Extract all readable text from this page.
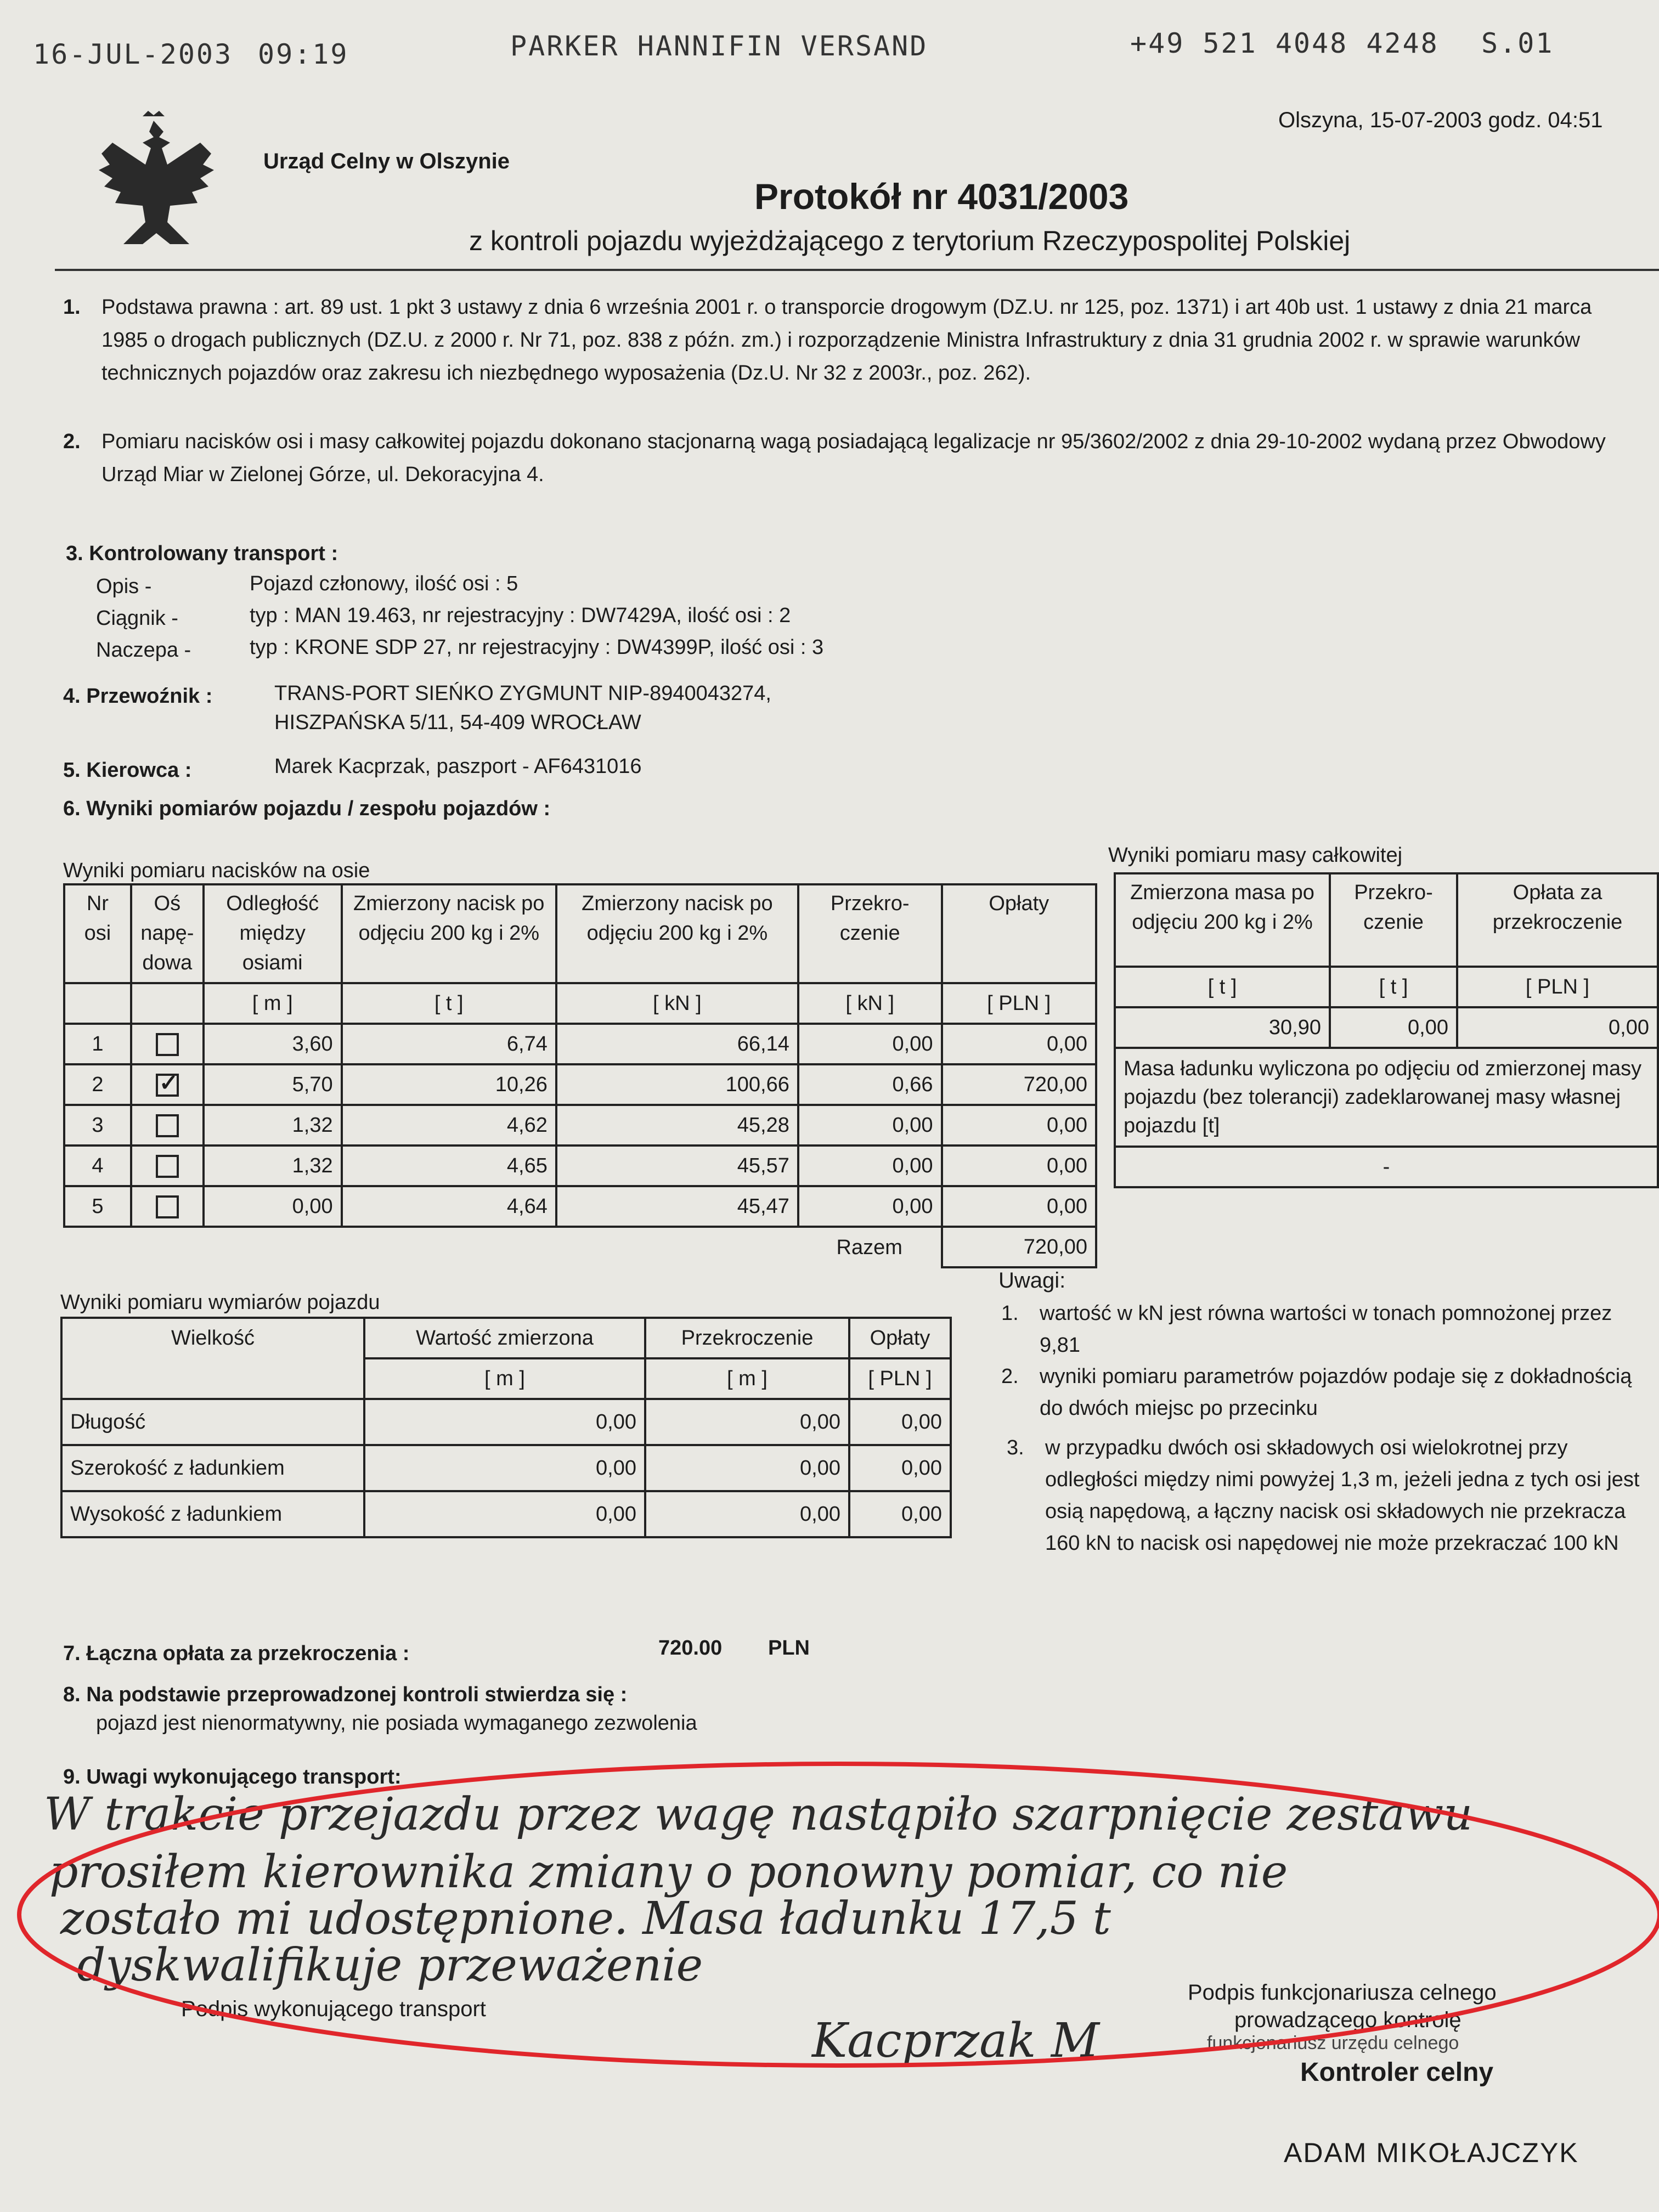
16-JUL-2003 09:19	PARKER HANNIFIN VERSAND	+49 521 4048 4248 S.01
Olszyna, 15-07-2003 godz. 04:51
Urząd Celny w Olszynie
Protokół nr 4031/2003
z kontroli pojazdu wyjeżdżającego z terytorium Rzeczypospolitej Polskiej
1. Podstawa prawna : art. 89 ust. 1 pkt 3 ustawy z dnia 6 września 2001 r. o transporcie drogowym (DZ.U. nr 125, poz. 1371) i art 40b ust. 1 ustawy z dnia 21 marca 1985 o drogach publicznych (DZ.U. z 2000 r. Nr 71, poz. 838 z późn. zm.) i rozporządzenie Ministra Infrastruktury z dnia 31 grudnia 2002 r. w sprawie warunków technicznych pojazdów oraz zakresu ich niezbędnego wyposażenia (Dz.U. Nr 32 z 2003r., poz. 262).
2. Pomiaru nacisków osi i masy całkowitej pojazdu dokonano stacjonarną wagą posiadającą legalizacje nr 95/3602/2002 z dnia 29-10-2002 wydaną przez Obwodowy Urząd Miar w Zielonej Górze, ul. Dekoracyjna 4.
3. Kontrolowany transport :
Opis -	Pojazd członowy, ilość osi : 5
Ciągnik -	typ : MAN 19.463, nr rejestracyjny : DW7429A, ilość osi : 2
Naczepa -	typ : KRONE SDP 27, nr rejestracyjny : DW4399P, ilość osi : 3
4. Przewoźnik :	TRANS-PORT SIEŃKO ZYGMUNT NIP-8940043274,
HISZPAŃSKA 5/11, 54-409 WROCŁAW
5. Kierowca :	Marek Kacprzak, paszport - AF6431016
6. Wyniki pomiarów pojazdu / zespołu pojazdów :
Wyniki pomiaru nacisków na osie
Nr osi	Oś napę-dowa	Odległość między osiami	Zmierzony nacisk po odjęciu 200 kg i 2%	Zmierzony nacisk po odjęciu 200 kg i 2%	Przekro-czenie	Opłaty
		[ m ]	[ t ]	[ kN ]	[ kN ]	[ PLN ]
1		3,60	6,74	66,14	0,00	0,00
2	✓	5,70	10,26	100,66	0,66	720,00
3		1,32	4,62	45,28	0,00	0,00
4		1,32	4,65	45,57	0,00	0,00
5		0,00	4,64	45,47	0,00	0,00
					Razem	720,00
Wyniki pomiaru masy całkowitej
Zmierzona masa po odjęciu 200 kg i 2%	Przekro-czenie	Opłata za przekroczenie
[ t ]	[ t ]	[ PLN ]
30,90	0,00	0,00
Masa ładunku wyliczona po odjęciu od zmierzonej masy pojazdu (bez tolerancji) zadeklarowanej masy własnej pojazdu [t]		
-		
Wyniki pomiaru wymiarów pojazdu
Wielkość	Wartość zmierzona	Przekroczenie	Opłaty
	[ m ]	[ m ]	[ PLN ]
Długość	0,00	0,00	0,00
Szerokość z ładunkiem	0,00	0,00	0,00
Wysokość z ładunkiem	0,00	0,00	0,00
Uwagi:
1. wartość w kN jest równa wartości w tonach pomnożonej przez 9,81
2. wyniki pomiaru parametrów pojazdów podaje się z dokładnością do dwóch miejsc po przecinku
3. w przypadku dwóch osi składowych osi wielokrotnej przy odległości między nimi powyżej 1,3 m, jeżeli jedna z tych osi jest osią napędową, a łączny nacisk osi składowych nie przekracza 160 kN to nacisk osi napędowej nie może przekraczać 100 kN
7. Łączna opłata za przekroczenia :	720.00 PLN
8. Na podstawie przeprowadzonej kontroli stwierdza się :
pojazd jest nienormatywny, nie posiada wymaganego zezwolenia
9. Uwagi wykonującego transport:
W trakcie przejazdu przez wagę nastąpiło szarpnięcie zestawu
prosiłem kierownika zmiany o ponowny pomiar, co nie
zostało mi udostępnione. Masa ładunku 17,5 t
dyskwalifikuje przeważenie
Podpis wykonującego transport
Kacprzak M
Podpis funkcjonariusza celnego
prowadzącego kontrolę
funkcjonariusz urzędu celnego
Kontroler celny
ADAM MIKOŁAJCZYK
